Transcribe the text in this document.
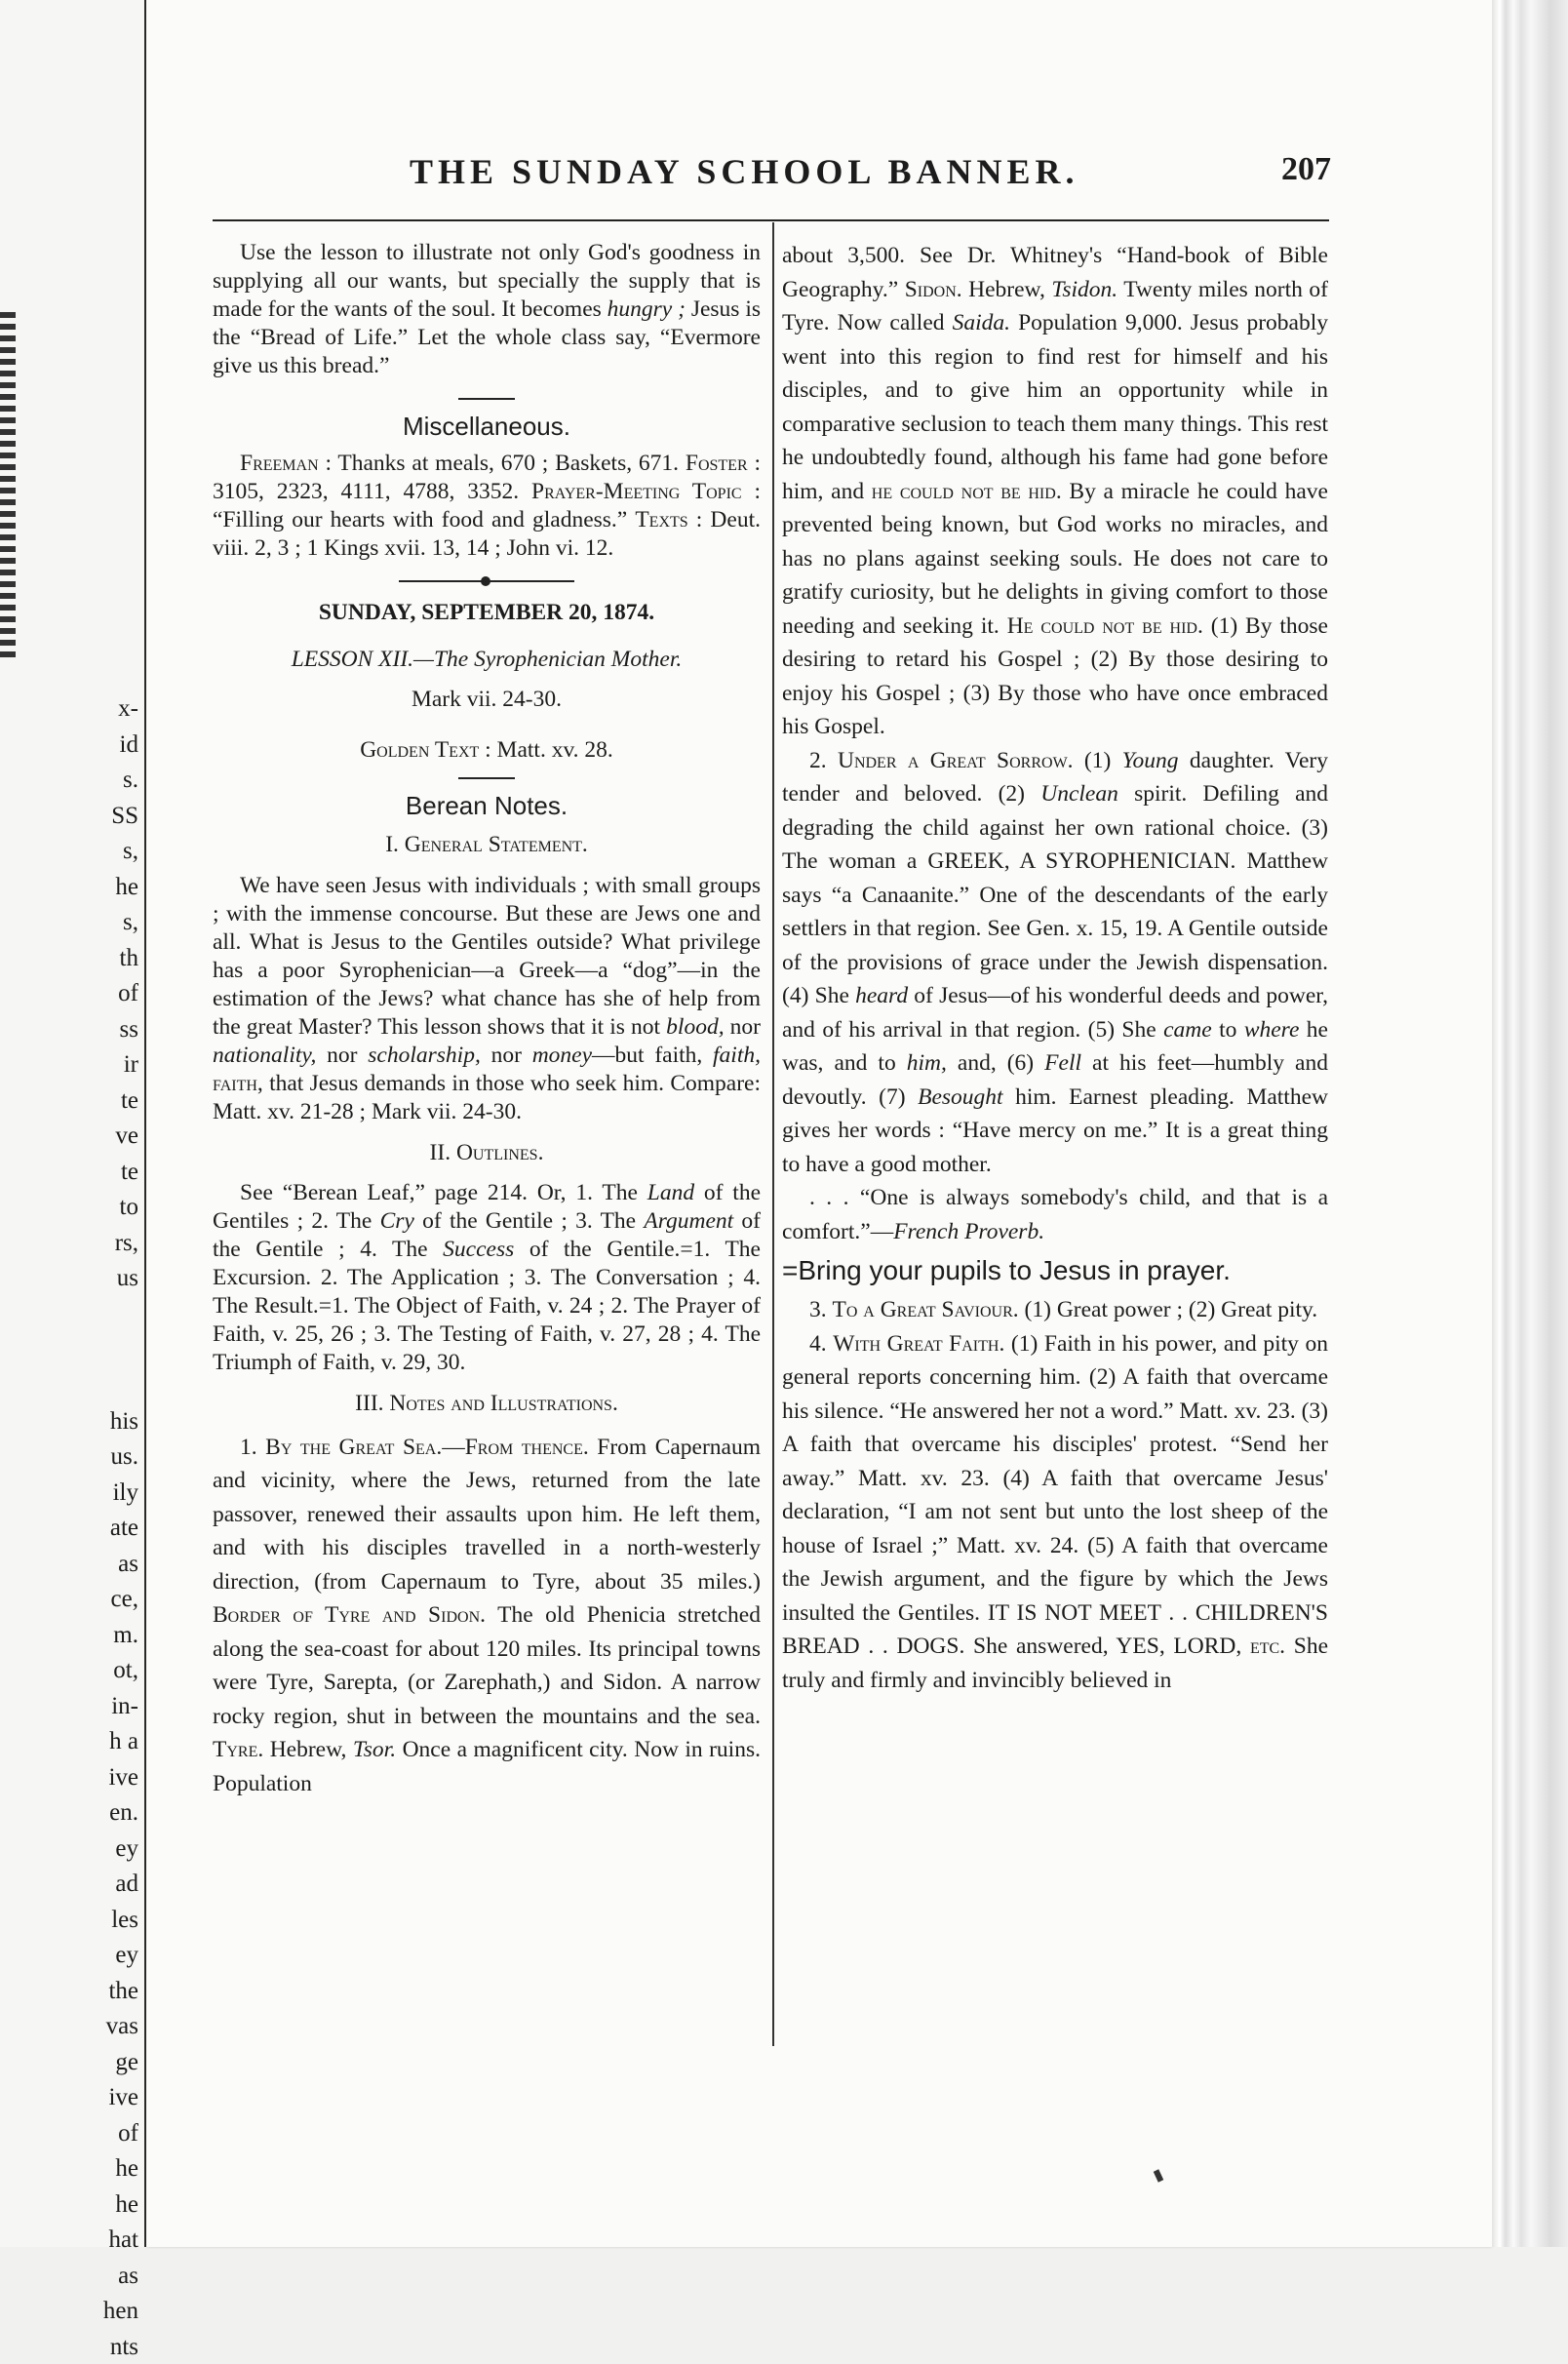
x-
id
s.
SS
s,
he
s,
th
of
ss
ir
te
ve
te
to
rs,
us
his
us.
ily
ate
as
ce,
m.
ot,
in-
h a
ive
en.
ey
ad
les
ey
the
vas
ge
ive
of
he
he
hat
as
hen
nts
THE SUNDAY SCHOOL BANNER.	207

Use the lesson to illustrate not only God's goodness in supplying all our wants, but specially the supply that is made for the wants of the soul. It becomes hungry ; Jesus is the “Bread of Life.” Let the whole class say, “Evermore give us this bread.”

Miscellaneous.

Freeman : Thanks at meals, 670 ; Baskets, 671. Foster : 3105, 2323, 4111, 4788, 3352. Prayer-Meeting Topic : “Filling our hearts with food and gladness.” Texts : Deut. viii. 2, 3 ; 1 Kings xvii. 13, 14 ; John vi. 12.

SUNDAY, SEPTEMBER 20, 1874.

LESSON XII.—The Syrophenician Mother.

Mark vii. 24-30.

Golden Text : Matt. xv. 28.

Berean Notes.

I. General Statement.

We have seen Jesus with individuals ; with small groups ; with the immense concourse. But these are Jews one and all. What is Jesus to the Gentiles outside? What privilege has a poor Syrophenician—a Greek—a “dog”—in the estimation of the Jews? what chance has she of help from the great Master? This lesson shows that it is not blood, nor nationality, nor scholarship, nor money—but faith, faith, faith, that Jesus demands in those who seek him. Compare: Matt. xv. 21-28 ; Mark vii. 24-30.

II. Outlines.

See “Berean Leaf,” page 214. Or, 1. The Land of the Gentiles ; 2. The Cry of the Gentile ; 3. The Argument of the Gentile ; 4. The Success of the Gentile.=1. The Excursion. 2. The Application ; 3. The Conversation ; 4. The Result.=1. The Object of Faith, v. 24 ; 2. The Prayer of Faith, v. 25, 26 ; 3. The Testing of Faith, v. 27, 28 ; 4. The Triumph of Faith, v. 29, 30.

III. Notes and Illustrations.

1. By the Great Sea.—From thence. From Capernaum and vicinity, where the Jews, returned from the late passover, renewed their assaults upon him. He left them, and with his disciples travelled in a north-westerly direction, (from Capernaum to Tyre, about 35 miles.) Border of Tyre and Sidon. The old Phenicia stretched along the sea-coast for about 120 miles. Its principal towns were Tyre, Sarepta, (or Zarephath,) and Sidon. A narrow rocky region, shut in between the mountains and the sea. Tyre. Hebrew, Tsor. Once a magnificent city. Now in ruins. Population

about 3,500. See Dr. Whitney's “Hand-book of Bible Geography.” Sidon. Hebrew, Tsidon. Twenty miles north of Tyre. Now called Saida. Population 9,000. Jesus probably went into this region to find rest for himself and his disciples, and to give him an opportunity while in comparative seclusion to teach them many things. This rest he undoubtedly found, although his fame had gone before him, and he could not be hid. By a miracle he could have prevented being known, but God works no miracles, and has no plans against seeking souls. He does not care to gratify curiosity, but he delights in giving comfort to those needing and seeking it. He could not be hid. (1) By those desiring to retard his Gospel ; (2) By those desiring to enjoy his Gospel ; (3) By those who have once embraced his Gospel.

2. Under a Great Sorrow. (1) Young daughter. Very tender and beloved. (2) Unclean spirit. Defiling and degrading the child against her own rational choice. (3) The woman a GREEK, A SYROPHENICIAN. Matthew says “a Canaanite.” One of the descendants of the early settlers in that region. See Gen. x. 15, 19. A Gentile outside of the provisions of grace under the Jewish dispensation. (4) She heard of Jesus—of his wonderful deeds and power, and of his arrival in that region. (5) She came to where he was, and to him, and, (6) Fell at his feet—humbly and devoutly. (7) Besought him. Earnest pleading. Matthew gives her words : “Have mercy on me.” It is a great thing to have a good mother.

. . . “One is always somebody's child, and that is a comfort.”—French Proverb.

=Bring your pupils to Jesus in prayer.

3. To a Great Saviour. (1) Great power ; (2) Great pity.

4. With Great Faith. (1) Faith in his power, and pity on general reports concerning him. (2) A faith that overcame his silence. “He answered her not a word.” Matt. xv. 23. (3) A faith that overcame his disciples' protest. “Send her away.” Matt. xv. 23. (4) A faith that overcame Jesus' declaration, “I am not sent but unto the lost sheep of the house of Israel ;” Matt. xv. 24. (5) A faith that overcame the Jewish argument, and the figure by which the Jews insulted the Gentiles. IT IS NOT MEET . . CHILDREN'S BREAD . . DOGS. She answered, YES, LORD, etc. She truly and firmly and invincibly believed in
